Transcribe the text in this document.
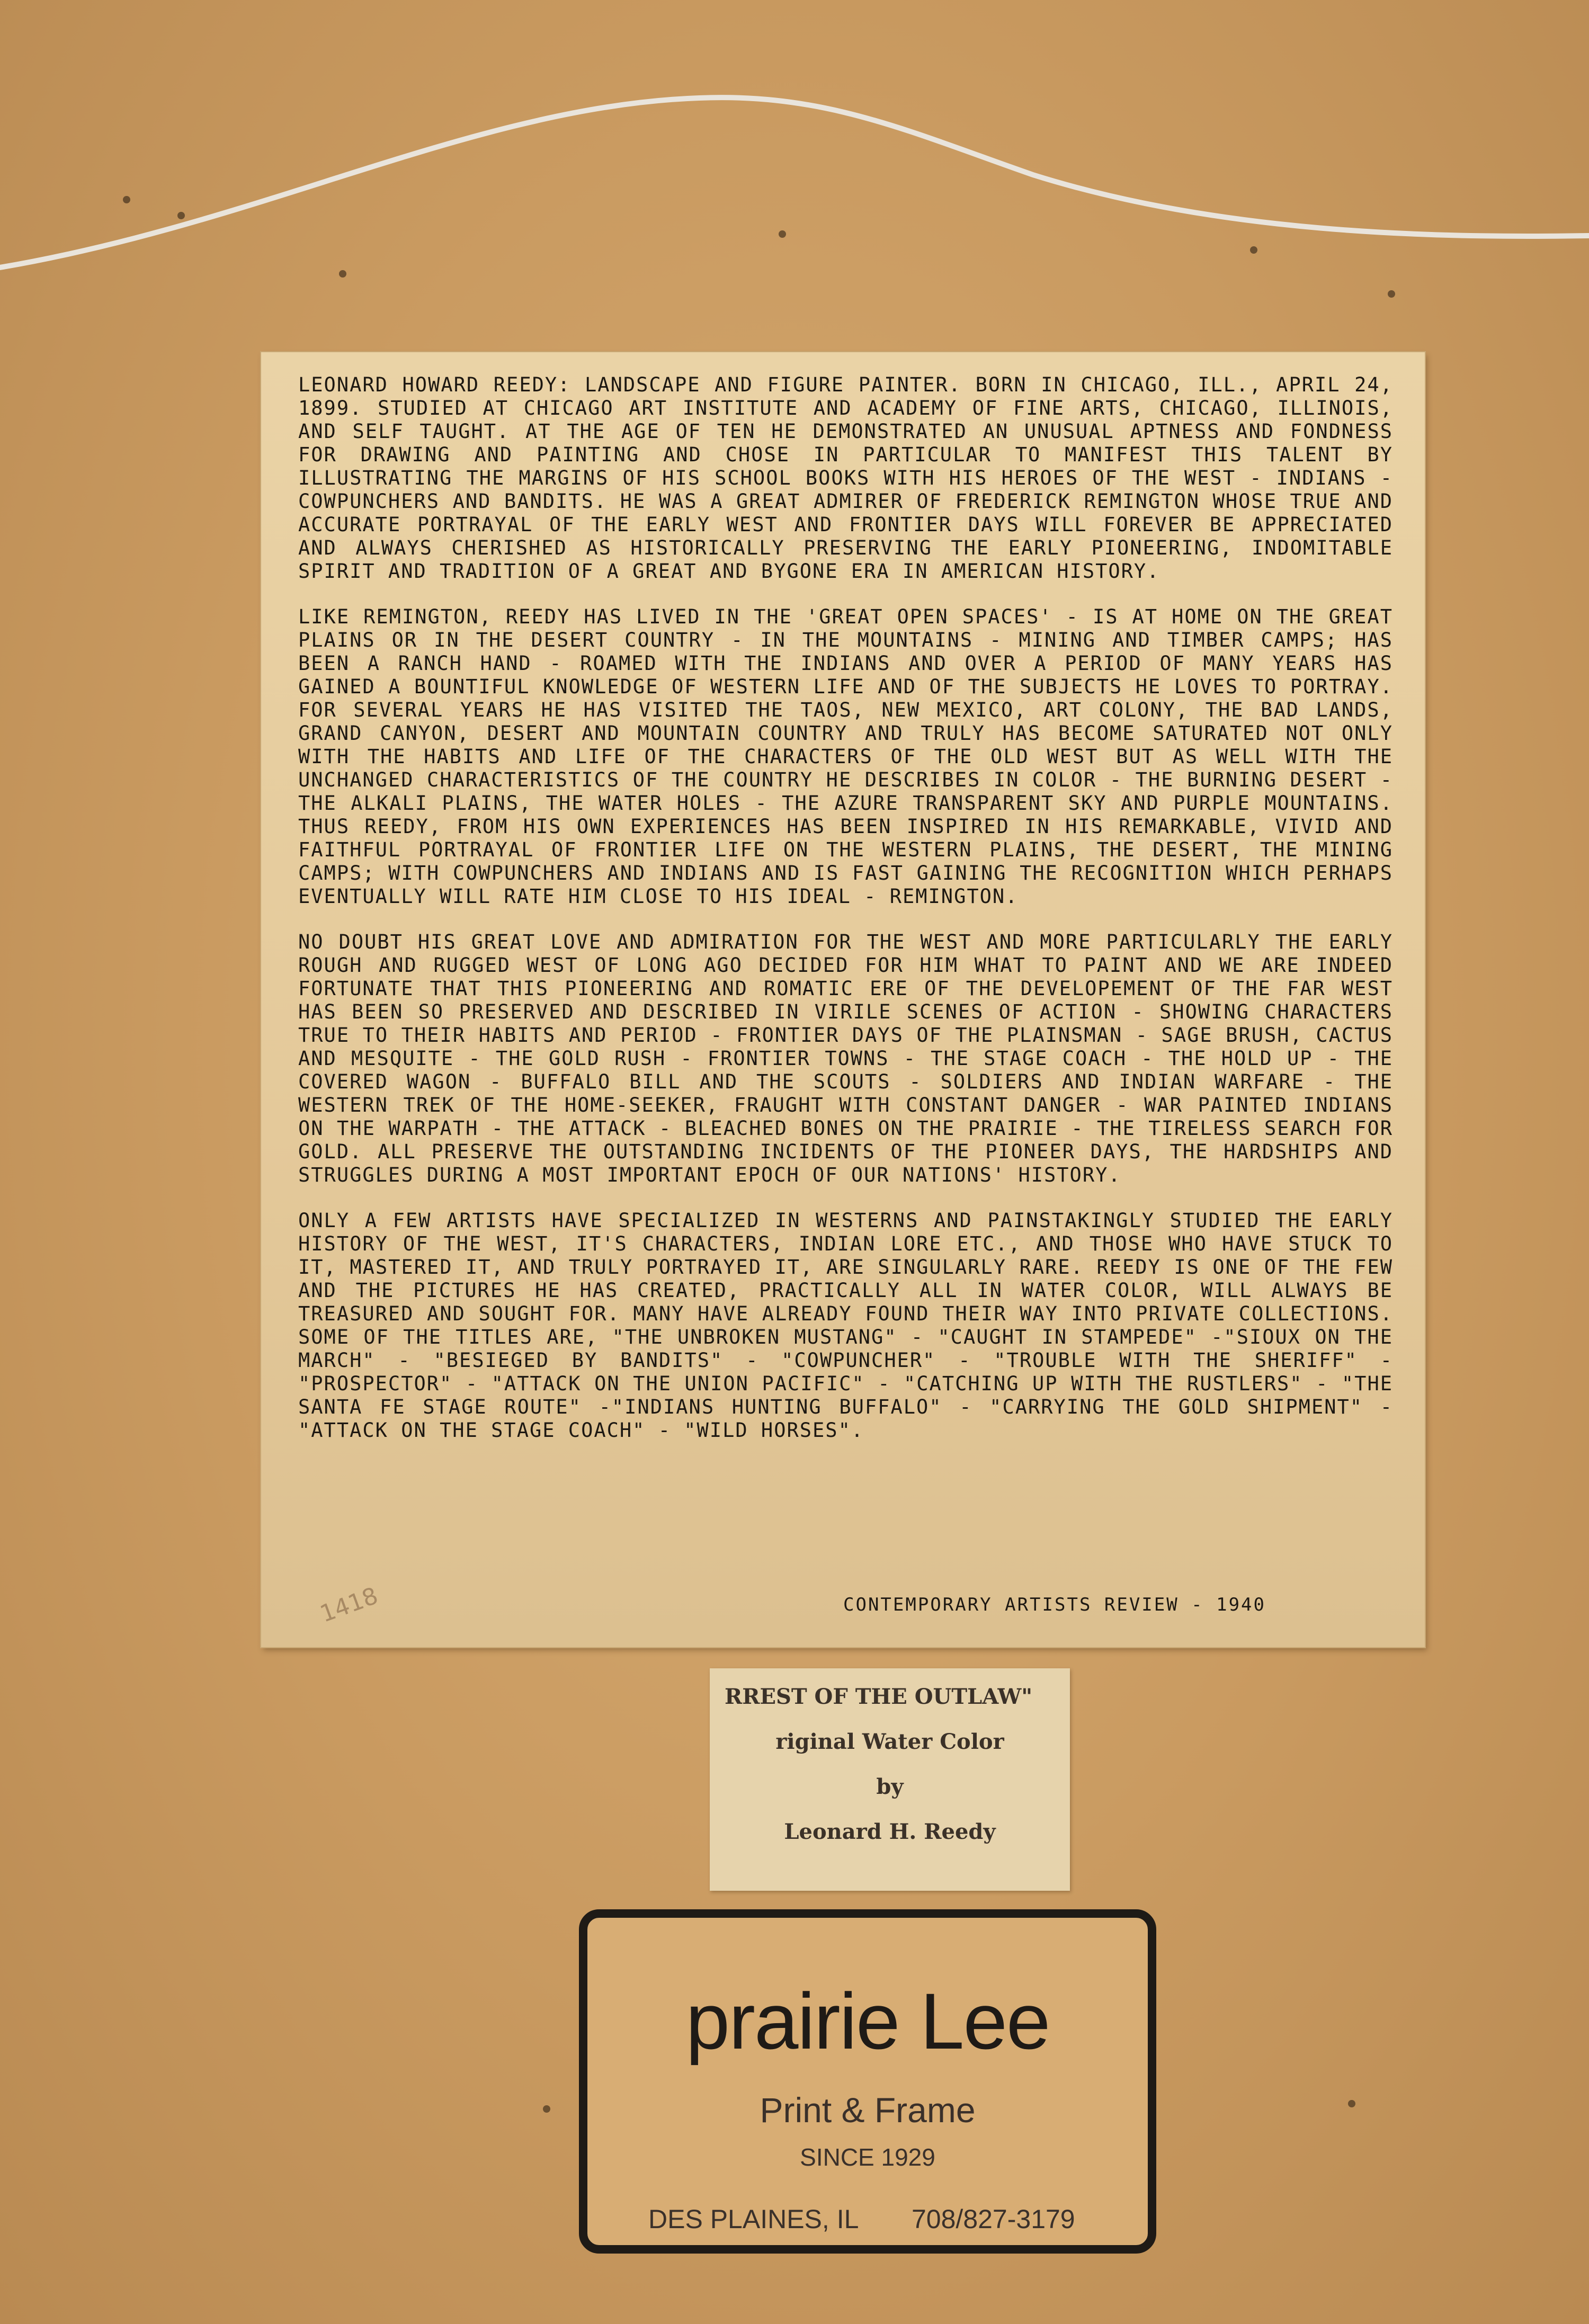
LEONARD HOWARD REEDY: LANDSCAPE AND FIGURE PAINTER. BORN IN CHICAGO, ILL., APRIL 24, 1899. STUDIED AT CHICAGO ART INSTITUTE AND ACADEMY OF FINE ARTS, CHICAGO, ILLINOIS, AND SELF TAUGHT. AT THE AGE OF TEN HE DEMONSTRATED AN UNUSUAL APTNESS AND FONDNESS FOR DRAWING AND PAINTING AND CHOSE IN PARTICULAR TO MANIFEST THIS TALENT BY ILLUSTRATING THE MARGINS OF HIS SCHOOL BOOKS WITH HIS HEROES OF THE WEST - INDIANS - COWPUNCHERS AND BANDITS. HE WAS A GREAT ADMIRER OF FREDERICK REMINGTON WHOSE TRUE AND ACCURATE PORTRAYAL OF THE EARLY WEST AND FRONTIER DAYS WILL FOREVER BE APPRECIATED AND ALWAYS CHERISHED AS HISTORICALLY PRESERVING THE EARLY PIONEERING, INDOMITABLE SPIRIT AND TRADITION OF A GREAT AND BYGONE ERA IN AMERICAN HISTORY.

LIKE REMINGTON, REEDY HAS LIVED IN THE 'GREAT OPEN SPACES' - IS AT HOME ON THE GREAT PLAINS OR IN THE DESERT COUNTRY - IN THE MOUNTAINS - MINING AND TIMBER CAMPS; HAS BEEN A RANCH HAND - ROAMED WITH THE INDIANS AND OVER A PERIOD OF MANY YEARS HAS GAINED A BOUNTIFUL KNOWLEDGE OF WESTERN LIFE AND OF THE SUBJECTS HE LOVES TO PORTRAY. FOR SEVERAL YEARS HE HAS VISITED THE TAOS, NEW MEXICO, ART COLONY, THE BAD LANDS, GRAND CANYON, DESERT AND MOUNTAIN COUNTRY AND TRULY HAS BECOME SATURATED NOT ONLY WITH THE HABITS AND LIFE OF THE CHARACTERS OF THE OLD WEST BUT AS WELL WITH THE UNCHANGED CHARACTERISTICS OF THE COUNTRY HE DESCRIBES IN COLOR - THE BURNING DESERT - THE ALKALI PLAINS, THE WATER HOLES - THE AZURE TRANSPARENT SKY AND PURPLE MOUNTAINS. THUS REEDY, FROM HIS OWN EXPERIENCES HAS BEEN INSPIRED IN HIS REMARKABLE, VIVID AND FAITHFUL PORTRAYAL OF FRONTIER LIFE ON THE WESTERN PLAINS, THE DESERT, THE MINING CAMPS; WITH COWPUNCHERS AND INDIANS AND IS FAST GAINING THE RECOGNITION WHICH PERHAPS EVENTUALLY WILL RATE HIM CLOSE TO HIS IDEAL - REMINGTON.

NO DOUBT HIS GREAT LOVE AND ADMIRATION FOR THE WEST AND MORE PARTICULARLY THE EARLY ROUGH AND RUGGED WEST OF LONG AGO DECIDED FOR HIM WHAT TO PAINT AND WE ARE INDEED FORTUNATE THAT THIS PIONEERING AND ROMATIC ERE OF THE DEVELOPEMENT OF THE FAR WEST HAS BEEN SO PRESERVED AND DESCRIBED IN VIRILE SCENES OF ACTION - SHOWING CHARACTERS TRUE TO THEIR HABITS AND PERIOD - FRONTIER DAYS OF THE PLAINSMAN - SAGE BRUSH, CACTUS AND MESQUITE - THE GOLD RUSH - FRONTIER TOWNS - THE STAGE COACH - THE HOLD UP - THE COVERED WAGON - BUFFALO BILL AND THE SCOUTS - SOLDIERS AND INDIAN WARFARE - THE WESTERN TREK OF THE HOME-SEEKER, FRAUGHT WITH CONSTANT DANGER - WAR PAINTED INDIANS ON THE WARPATH - THE ATTACK - BLEACHED BONES ON THE PRAIRIE - THE TIRELESS SEARCH FOR GOLD. ALL PRESERVE THE OUTSTANDING INCIDENTS OF THE PIONEER DAYS, THE HARDSHIPS AND STRUGGLES DURING A MOST IMPORTANT EPOCH OF OUR NATIONS' HISTORY.

ONLY A FEW ARTISTS HAVE SPECIALIZED IN WESTERNS AND PAINSTAKINGLY STUDIED THE EARLY HISTORY OF THE WEST, IT'S CHARACTERS, INDIAN LORE ETC., AND THOSE WHO HAVE STUCK TO IT, MASTERED IT, AND TRULY PORTRAYED IT, ARE SINGULARLY RARE. REEDY IS ONE OF THE FEW AND THE PICTURES HE HAS CREATED, PRACTICALLY ALL IN WATER COLOR, WILL ALWAYS BE TREASURED AND SOUGHT FOR. MANY HAVE ALREADY FOUND THEIR WAY INTO PRIVATE COLLECTIONS. SOME OF THE TITLES ARE, "THE UNBROKEN MUSTANG" - "CAUGHT IN STAMPEDE" -"SIOUX ON THE MARCH" - "BESIEGED BY BANDITS" - "COWPUNCHER" - "TROUBLE WITH THE SHERIFF" - "PROSPECTOR" - "ATTACK ON THE UNION PACIFIC" - "CATCHING UP WITH THE RUSTLERS" - "THE SANTA FE STAGE ROUTE" -"INDIANS HUNTING BUFFALO" - "CARRYING THE GOLD SHIPMENT" - "ATTACK ON THE STAGE COACH" - "WILD HORSES".

1418	CONTEMPORARY ARTISTS REVIEW - 1940
RREST OF THE OUTLAW"
riginal Water Color
by
Leonard H. Reedy
prairie Lee
Print & Frame
SINCE 1929
DES PLAINES, IL 708/827-3179
